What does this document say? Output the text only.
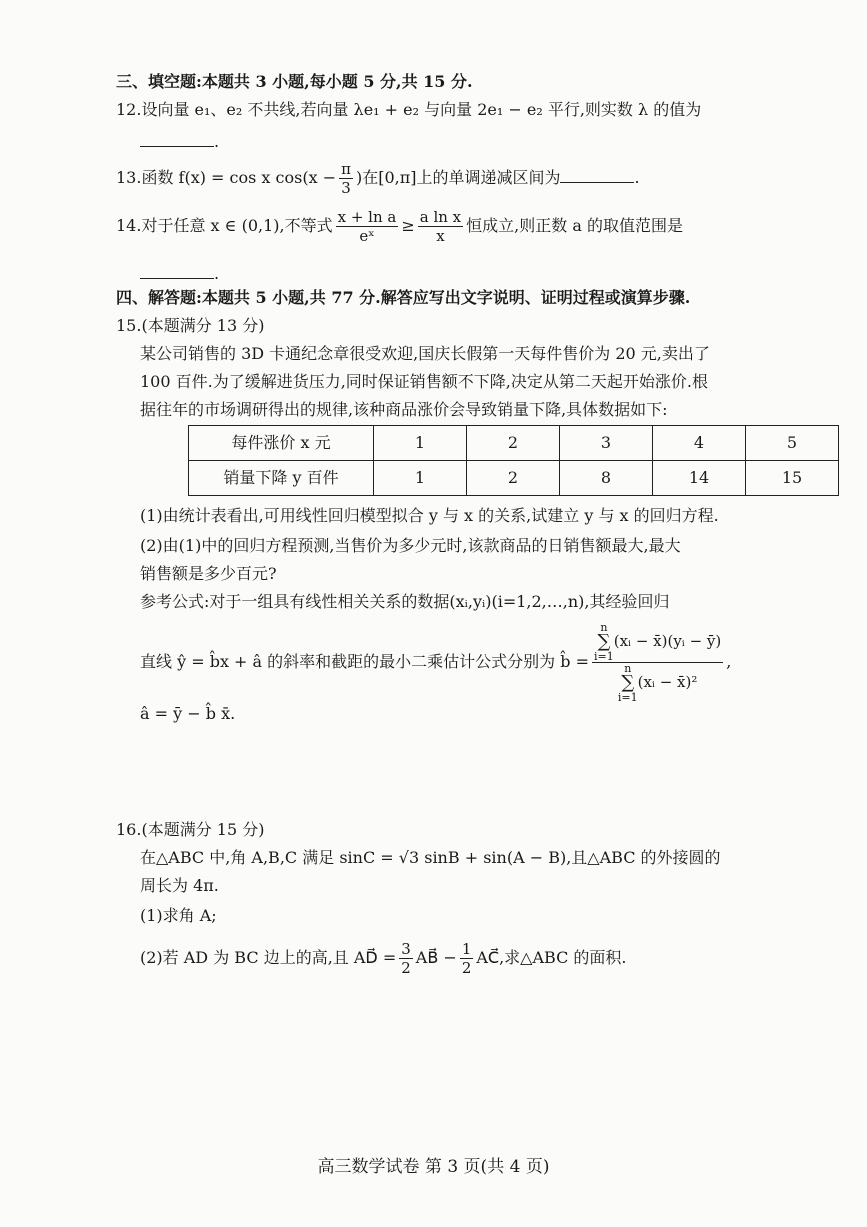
三、填空题:本题共 3 小题,每小题 5 分,共 15 分.
12.设向量 e₁、e₂ 不共线,若向量 λe₁ + e₂ 与向量 2e₁ − e₂ 平行,则实数 λ 的值为
.
13.函数 f(x) = cos x $\cos(x - \frac{\pi}{3}$ )在[0,π]上的单调递减区间为	.
14.对于任意 x ∈ (0,1),不等式 $\frac{\text{x + ln a}}{\text{eˣ}} \ge \frac{\text{a ln x}}{x}$ 恒成立,则正数 a 的取值范围是
.
四、解答题:本题共 5 小题,共 77 分.解答应写出文字说明、证明过程或演算步骤.
15.(本题满分 13 分)
某公司销售的 3D 卡通纪念章很受欢迎,国庆长假第一天每件售价为 20 元,卖出了
100 百件.为了缓解进货压力,同时保证销售额不下降,决定从第二天起开始涨价.根
据往年的市场调研得出的规律,该种商品涨价会导致销量下降,具体数据如下:
每件涨价 x 元	1	2	3	4	5
销量下降 y 百件	1	2	8	14	15
(1)由统计表看出,可用线性回归模型拟合 y 与 x 的关系,试建立 y 与 x 的回归方程.
(2)由(1)中的回归方程预测,当售价为多少元时,该款商品的日销售额最大,最大
销售额是多少百元?
参考公式:对于一组具有线性相关关系的数据(xᵢ,yᵢ)(i=1,2,…,n),其经验回归
直线 ŷ = b̂x + â 的斜率和截距的最小二乘估计公式分别为 b̂ = n
∑
i=1
(xᵢ − x̄)(yᵢ − ȳ)
n
∑
i=1
(xᵢ − x̄)² ,
â = ȳ − b̂ x̄.
16.(本题满分 15 分)
在△ABC 中,角 A,B,C 满足 sinC = √3 sinB + sin(A − B),且△ABC 的外接圆的
周长为 4π.
(1)求角 A;
(2)若 AD 为 BC 边上的高,且 AD⃗ = $\frac{3}{2}$ AB⃗ − $\frac{1}{2}$ AC⃗,求△ABC 的面积.
高三数学试卷 第 3 页(共 4 页)
